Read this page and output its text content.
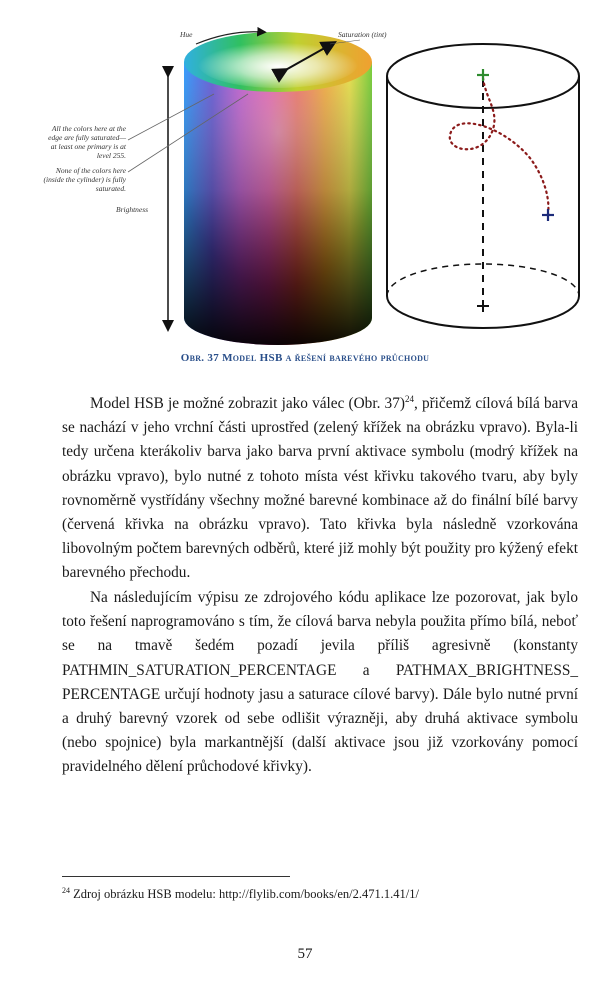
Hue	Saturation (tint)
All the colors here at the
edge are fully saturated—
at least one primary is at
level 255.
None of the colors here
(inside the cylinder) is fully
saturated.
Brightness
Obr. 37 Model HSB a řešení barevého průchodu
Model HSB je možné zobrazit jako válec (Obr. 37)$^{24}$, přičemž cílová bílá barva se nachází v jeho vrchní části uprostřed (zelený křížek na obrázku vpravo). Byla-li tedy určena kterákoliv barva jako barva první aktivace symbolu (modrý křížek na obrázku vpravo), bylo nutné z tohoto místa vést křivku takového tvaru, aby byly rovnoměrně vystřídány všechny možné barevné kombinace až do finální bílé barvy (červená křivka na obrázku vpravo). Tato křivka byla následně vzorkována libovolným počtem barevných odběrů, které již mohly být použity pro kýžený efekt barevného přechodu.
Na následujícím výpisu ze zdrojového kódu aplikace lze pozorovat, jak bylo toto řešení naprogramováno s tím, že cílová barva nebyla použita přímo bílá, neboť se na tmavě šedém pozadí jevila příliš agresivně (konstanty PATHMIN_SATURATION_PERCENTAGE a PATHMAX_BRIGHTNESS_ PERCENTAGE určují hodnoty jasu a saturace cílové barvy). Dále bylo nutné první a druhý barevný vzorek od sebe odlišit výrazněji, aby druhá aktivace symbolu (nebo spojnice) byla markantnější (další aktivace jsou již vzorkovány pomocí pravidelného dělení průchodové křivky).
$^{24}$ Zdroj obrázku HSB modelu: http://flylib.com/books/en/2.471.1.41/1/
57
